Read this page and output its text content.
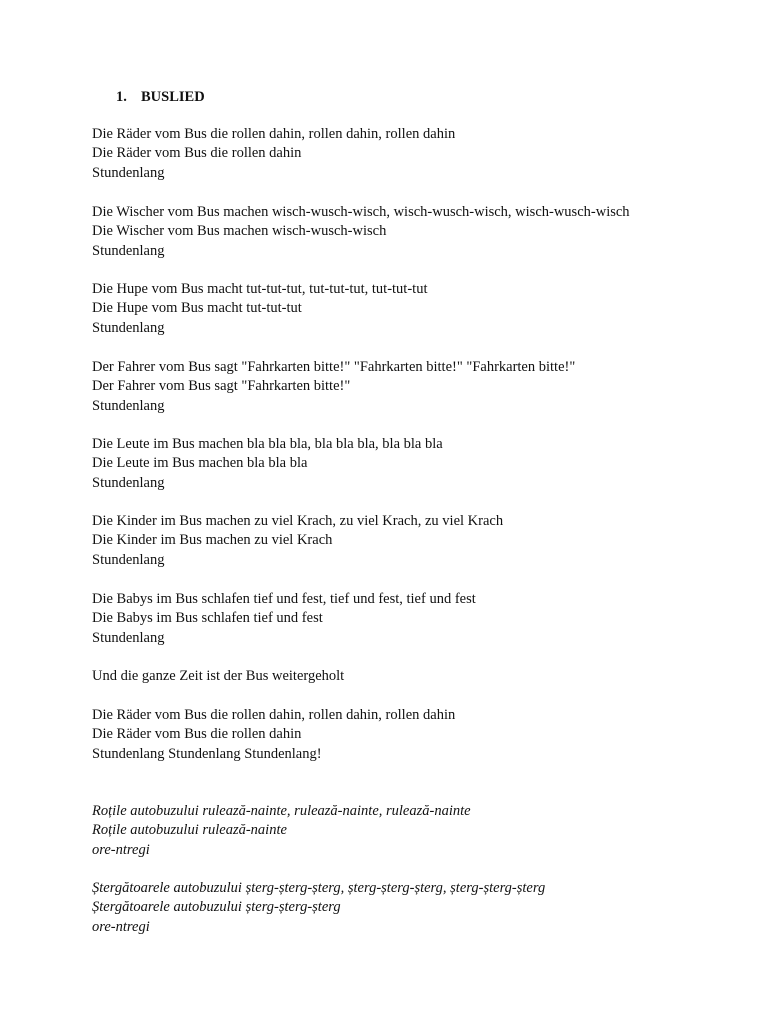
1. BUSLIED
Die Räder vom Bus die rollen dahin, rollen dahin, rollen dahin
Die Räder vom Bus die rollen dahin
Stundenlang
Die Wischer vom Bus machen wisch-wusch-wisch, wisch-wusch-wisch, wisch-wusch-wisch
Die Wischer vom Bus machen wisch-wusch-wisch
Stundenlang
Die Hupe vom Bus macht tut-tut-tut, tut-tut-tut, tut-tut-tut
Die Hupe vom Bus macht tut-tut-tut
Stundenlang
Der Fahrer vom Bus sagt "Fahrkarten bitte!" "Fahrkarten bitte!" "Fahrkarten bitte!"
Der Fahrer vom Bus sagt "Fahrkarten bitte!"
Stundenlang
Die Leute im Bus machen bla bla bla, bla bla bla, bla bla bla
Die Leute im Bus machen bla bla bla
Stundenlang
Die Kinder im Bus machen zu viel Krach, zu viel Krach, zu viel Krach
Die Kinder im Bus machen zu viel Krach
Stundenlang
Die Babys im Bus schlafen tief und fest, tief und fest, tief und fest
Die Babys im Bus schlafen tief und fest
Stundenlang
Und die ganze Zeit ist der Bus weitergeholt
Die Räder vom Bus die rollen dahin, rollen dahin, rollen dahin
Die Räder vom Bus die rollen dahin
Stundenlang Stundenlang Stundenlang!
Roțile autobuzului rulează-nainte, rulează-nainte, rulează-nainte
Roțile autobuzului rulează-nainte
ore-ntregi
Ștergătoarele autobuzului șterg-șterg-șterg, șterg-șterg-șterg, șterg-șterg-șterg
Ștergătoarele autobuzului șterg-șterg-șterg
ore-ntregi
